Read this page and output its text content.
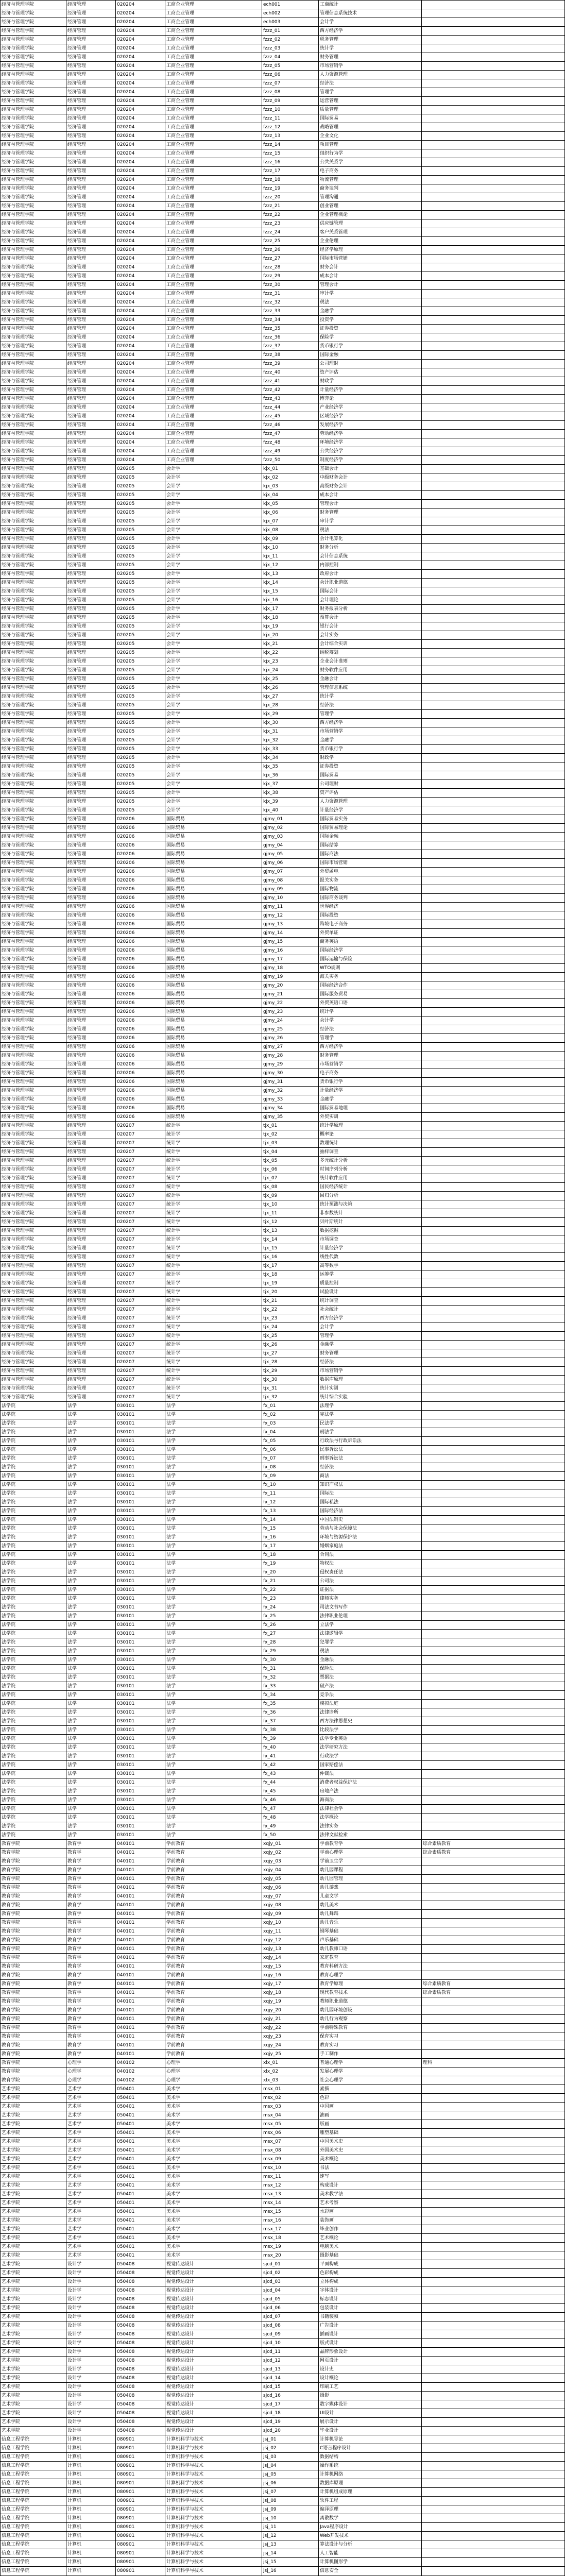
经济与管理学院	经济管理	020204	工商企业管理	ech001	工商统计	
经济与管理学院	经济管理	020204	工商企业管理	ech002	管理信息系统技术	
经济与管理学院	经济管理	020204	工商企业管理	ech003	会计学	
经济与管理学院	经济管理	020204	工商企业管理	fzzz_01	西方经济学	
经济与管理学院	经济管理	020204	工商企业管理	fzzz_02	税务管理	
经济与管理学院	经济管理	020204	工商企业管理	fzzz_03	统计学	
经济与管理学院	经济管理	020204	工商企业管理	fzzz_04	财务管理	
经济与管理学院	经济管理	020204	工商企业管理	fzzz_05	市场营销学	
经济与管理学院	经济管理	020204	工商企业管理	fzzz_06	人力资源管理	
经济与管理学院	经济管理	020204	工商企业管理	fzzz_07	经济法	
经济与管理学院	经济管理	020204	工商企业管理	fzzz_08	管理学	
经济与管理学院	经济管理	020204	工商企业管理	fzzz_09	运营管理	
经济与管理学院	经济管理	020204	工商企业管理	fzzz_10	质量管理	
经济与管理学院	经济管理	020204	工商企业管理	fzzz_11	国际贸易	
经济与管理学院	经济管理	020204	工商企业管理	fzzz_12	战略管理	
经济与管理学院	经济管理	020204	工商企业管理	fzzz_13	企业文化	
经济与管理学院	经济管理	020204	工商企业管理	fzzz_14	项目管理	
经济与管理学院	经济管理	020204	工商企业管理	fzzz_15	组织行为学	
经济与管理学院	经济管理	020204	工商企业管理	fzzz_16	公共关系学	
经济与管理学院	经济管理	020204	工商企业管理	fzzz_17	电子商务	
经济与管理学院	经济管理	020204	工商企业管理	fzzz_18	物流管理	
经济与管理学院	经济管理	020204	工商企业管理	fzzz_19	商务谈判	
经济与管理学院	经济管理	020204	工商企业管理	fzzz_20	管理沟通	
经济与管理学院	经济管理	020204	工商企业管理	fzzz_21	创业管理	
经济与管理学院	经济管理	020204	工商企业管理	fzzz_22	企业管理概论	
经济与管理学院	经济管理	020204	工商企业管理	fzzz_23	供应链管理	
经济与管理学院	经济管理	020204	工商企业管理	fzzz_24	客户关系管理	
经济与管理学院	经济管理	020204	工商企业管理	fzzz_25	企业伦理	
经济与管理学院	经济管理	020204	工商企业管理	fzzz_26	经济学原理	
经济与管理学院	经济管理	020204	工商企业管理	fzzz_27	国际市场营销	
经济与管理学院	经济管理	020204	工商企业管理	fzzz_28	财务会计	
经济与管理学院	经济管理	020204	工商企业管理	fzzz_29	成本会计	
经济与管理学院	经济管理	020204	工商企业管理	fzzz_30	管理会计	
经济与管理学院	经济管理	020204	工商企业管理	fzzz_31	审计学	
经济与管理学院	经济管理	020204	工商企业管理	fzzz_32	税法	
经济与管理学院	经济管理	020204	工商企业管理	fzzz_33	金融学	
经济与管理学院	经济管理	020204	工商企业管理	fzzz_34	投资学	
经济与管理学院	经济管理	020204	工商企业管理	fzzz_35	证券投资	
经济与管理学院	经济管理	020204	工商企业管理	fzzz_36	保险学	
经济与管理学院	经济管理	020204	工商企业管理	fzzz_37	货币银行学	
经济与管理学院	经济管理	020204	工商企业管理	fzzz_38	国际金融	
经济与管理学院	经济管理	020204	工商企业管理	fzzz_39	公司理财	
经济与管理学院	经济管理	020204	工商企业管理	fzzz_40	资产评估	
经济与管理学院	经济管理	020204	工商企业管理	fzzz_41	财政学	
经济与管理学院	经济管理	020204	工商企业管理	fzzz_42	计量经济学	
经济与管理学院	经济管理	020204	工商企业管理	fzzz_43	博弈论	
经济与管理学院	经济管理	020204	工商企业管理	fzzz_44	产业经济学	
经济与管理学院	经济管理	020204	工商企业管理	fzzz_45	区域经济学	
经济与管理学院	经济管理	020204	工商企业管理	fzzz_46	发展经济学	
经济与管理学院	经济管理	020204	工商企业管理	fzzz_47	劳动经济学	
经济与管理学院	经济管理	020204	工商企业管理	fzzz_48	环境经济学	
经济与管理学院	经济管理	020204	工商企业管理	fzzz_49	公共经济学	
经济与管理学院	经济管理	020204	工商企业管理	fzzz_50	制度经济学	
经济与管理学院	经济管理	020205	会计学	kjx_01	基础会计	
经济与管理学院	经济管理	020205	会计学	kjx_02	中级财务会计	
经济与管理学院	经济管理	020205	会计学	kjx_03	高级财务会计	
经济与管理学院	经济管理	020205	会计学	kjx_04	成本会计	
经济与管理学院	经济管理	020205	会计学	kjx_05	管理会计	
经济与管理学院	经济管理	020205	会计学	kjx_06	财务管理	
经济与管理学院	经济管理	020205	会计学	kjx_07	审计学	
经济与管理学院	经济管理	020205	会计学	kjx_08	税法	
经济与管理学院	经济管理	020205	会计学	kjx_09	会计电算化	
经济与管理学院	经济管理	020205	会计学	kjx_10	财务分析	
经济与管理学院	经济管理	020205	会计学	kjx_11	会计信息系统	
经济与管理学院	经济管理	020205	会计学	kjx_12	内部控制	
经济与管理学院	经济管理	020205	会计学	kjx_13	政府会计	
经济与管理学院	经济管理	020205	会计学	kjx_14	会计职业道德	
经济与管理学院	经济管理	020205	会计学	kjx_15	国际会计	
经济与管理学院	经济管理	020205	会计学	kjx_16	会计理论	
经济与管理学院	经济管理	020205	会计学	kjx_17	财务报表分析	
经济与管理学院	经济管理	020205	会计学	kjx_18	预算会计	
经济与管理学院	经济管理	020205	会计学	kjx_19	银行会计	
经济与管理学院	经济管理	020205	会计学	kjx_20	会计实务	
经济与管理学院	经济管理	020205	会计学	kjx_21	会计综合实训	
经济与管理学院	经济管理	020205	会计学	kjx_22	纳税筹划	
经济与管理学院	经济管理	020205	会计学	kjx_23	企业会计准则	
经济与管理学院	经济管理	020205	会计学	kjx_24	财务软件应用	
经济与管理学院	经济管理	020205	会计学	kjx_25	金融会计	
经济与管理学院	经济管理	020205	会计学	kjx_26	管理信息系统	
经济与管理学院	经济管理	020205	会计学	kjx_27	统计学	
经济与管理学院	经济管理	020205	会计学	kjx_28	经济法	
经济与管理学院	经济管理	020205	会计学	kjx_29	管理学	
经济与管理学院	经济管理	020205	会计学	kjx_30	西方经济学	
经济与管理学院	经济管理	020205	会计学	kjx_31	市场营销学	
经济与管理学院	经济管理	020205	会计学	kjx_32	金融学	
经济与管理学院	经济管理	020205	会计学	kjx_33	货币银行学	
经济与管理学院	经济管理	020205	会计学	kjx_34	财政学	
经济与管理学院	经济管理	020205	会计学	kjx_35	证券投资	
经济与管理学院	经济管理	020205	会计学	kjx_36	国际贸易	
经济与管理学院	经济管理	020205	会计学	kjx_37	公司理财	
经济与管理学院	经济管理	020205	会计学	kjx_38	资产评估	
经济与管理学院	经济管理	020205	会计学	kjx_39	人力资源管理	
经济与管理学院	经济管理	020205	会计学	kjx_40	计量经济学	
经济与管理学院	经济管理	020206	国际贸易	gjmy_01	国际贸易实务	
经济与管理学院	经济管理	020206	国际贸易	gjmy_02	国际贸易理论	
经济与管理学院	经济管理	020206	国际贸易	gjmy_03	国际金融	
经济与管理学院	经济管理	020206	国际贸易	gjmy_04	国际结算	
经济与管理学院	经济管理	020206	国际贸易	gjmy_05	国际商法	
经济与管理学院	经济管理	020206	国际贸易	gjmy_06	国际市场营销	
经济与管理学院	经济管理	020206	国际贸易	gjmy_07	外贸函电	
经济与管理学院	经济管理	020206	国际贸易	gjmy_08	报关实务	
经济与管理学院	经济管理	020206	国际贸易	gjmy_09	国际物流	
经济与管理学院	经济管理	020206	国际贸易	gjmy_10	国际商务谈判	
经济与管理学院	经济管理	020206	国际贸易	gjmy_11	世界经济	
经济与管理学院	经济管理	020206	国际贸易	gjmy_12	国际投资	
经济与管理学院	经济管理	020206	国际贸易	gjmy_13	跨境电子商务	
经济与管理学院	经济管理	020206	国际贸易	gjmy_14	外贸单证	
经济与管理学院	经济管理	020206	国际贸易	gjmy_15	商务英语	
经济与管理学院	经济管理	020206	国际贸易	gjmy_16	国际经济学	
经济与管理学院	经济管理	020206	国际贸易	gjmy_17	国际运输与保险	
经济与管理学院	经济管理	020206	国际贸易	gjmy_18	WTO规则	
经济与管理学院	经济管理	020206	国际贸易	gjmy_19	海关实务	
经济与管理学院	经济管理	020206	国际贸易	gjmy_20	国际经济合作	
经济与管理学院	经济管理	020206	国际贸易	gjmy_21	国际服务贸易	
经济与管理学院	经济管理	020206	国际贸易	gjmy_22	外贸英语口语	
经济与管理学院	经济管理	020206	国际贸易	gjmy_23	统计学	
经济与管理学院	经济管理	020206	国际贸易	gjmy_24	会计学	
经济与管理学院	经济管理	020206	国际贸易	gjmy_25	经济法	
经济与管理学院	经济管理	020206	国际贸易	gjmy_26	管理学	
经济与管理学院	经济管理	020206	国际贸易	gjmy_27	西方经济学	
经济与管理学院	经济管理	020206	国际贸易	gjmy_28	财务管理	
经济与管理学院	经济管理	020206	国际贸易	gjmy_29	市场营销学	
经济与管理学院	经济管理	020206	国际贸易	gjmy_30	电子商务	
经济与管理学院	经济管理	020206	国际贸易	gjmy_31	货币银行学	
经济与管理学院	经济管理	020206	国际贸易	gjmy_32	计量经济学	
经济与管理学院	经济管理	020206	国际贸易	gjmy_33	金融学	
经济与管理学院	经济管理	020206	国际贸易	gjmy_34	国际贸易地理	
经济与管理学院	经济管理	020206	国际贸易	gjmy_35	外贸实训	
经济与管理学院	经济管理	020207	统计学	tjx_01	统计学原理	
经济与管理学院	经济管理	020207	统计学	tjx_02	概率论	
经济与管理学院	经济管理	020207	统计学	tjx_03	数理统计	
经济与管理学院	经济管理	020207	统计学	tjx_04	抽样调查	
经济与管理学院	经济管理	020207	统计学	tjx_05	多元统计分析	
经济与管理学院	经济管理	020207	统计学	tjx_06	时间序列分析	
经济与管理学院	经济管理	020207	统计学	tjx_07	统计软件应用	
经济与管理学院	经济管理	020207	统计学	tjx_08	国民经济统计	
经济与管理学院	经济管理	020207	统计学	tjx_09	回归分析	
经济与管理学院	经济管理	020207	统计学	tjx_10	统计预测与决策	
经济与管理学院	经济管理	020207	统计学	tjx_11	非参数统计	
经济与管理学院	经济管理	020207	统计学	tjx_12	贝叶斯统计	
经济与管理学院	经济管理	020207	统计学	tjx_13	数据挖掘	
经济与管理学院	经济管理	020207	统计学	tjx_14	市场调查	
经济与管理学院	经济管理	020207	统计学	tjx_15	计量经济学	
经济与管理学院	经济管理	020207	统计学	tjx_16	线性代数	
经济与管理学院	经济管理	020207	统计学	tjx_17	高等数学	
经济与管理学院	经济管理	020207	统计学	tjx_18	运筹学	
经济与管理学院	经济管理	020207	统计学	tjx_19	质量控制	
经济与管理学院	经济管理	020207	统计学	tjx_20	试验设计	
经济与管理学院	经济管理	020207	统计学	tjx_21	统计调查	
经济与管理学院	经济管理	020207	统计学	tjx_22	社会统计	
经济与管理学院	经济管理	020207	统计学	tjx_23	西方经济学	
经济与管理学院	经济管理	020207	统计学	tjx_24	会计学	
经济与管理学院	经济管理	020207	统计学	tjx_25	管理学	
经济与管理学院	经济管理	020207	统计学	tjx_26	金融学	
经济与管理学院	经济管理	020207	统计学	tjx_27	财务管理	
经济与管理学院	经济管理	020207	统计学	tjx_28	经济法	
经济与管理学院	经济管理	020207	统计学	tjx_29	市场营销学	
经济与管理学院	经济管理	020207	统计学	tjx_30	数据库原理	
经济与管理学院	经济管理	020207	统计学	tjx_31	统计实训	
经济与管理学院	经济管理	020207	统计学	tjx_32	统计综合实验	
法学院	法学	030101	法学	fx_01	法理学	
法学院	法学	030101	法学	fx_02	宪法学	
法学院	法学	030101	法学	fx_03	民法学	
法学院	法学	030101	法学	fx_04	刑法学	
法学院	法学	030101	法学	fx_05	行政法与行政诉讼法	
法学院	法学	030101	法学	fx_06	民事诉讼法	
法学院	法学	030101	法学	fx_07	刑事诉讼法	
法学院	法学	030101	法学	fx_08	经济法	
法学院	法学	030101	法学	fx_09	商法	
法学院	法学	030101	法学	fx_10	知识产权法	
法学院	法学	030101	法学	fx_11	国际法	
法学院	法学	030101	法学	fx_12	国际私法	
法学院	法学	030101	法学	fx_13	国际经济法	
法学院	法学	030101	法学	fx_14	中国法制史	
法学院	法学	030101	法学	fx_15	劳动与社会保障法	
法学院	法学	030101	法学	fx_16	环境与资源保护法	
法学院	法学	030101	法学	fx_17	婚姻家庭法	
法学院	法学	030101	法学	fx_18	合同法	
法学院	法学	030101	法学	fx_19	物权法	
法学院	法学	030101	法学	fx_20	侵权责任法	
法学院	法学	030101	法学	fx_21	公司法	
法学院	法学	030101	法学	fx_22	证据法	
法学院	法学	030101	法学	fx_23	律师实务	
法学院	法学	030101	法学	fx_24	司法文书写作	
法学院	法学	030101	法学	fx_25	法律职业伦理	
法学院	法学	030101	法学	fx_26	立法学	
法学院	法学	030101	法学	fx_27	法律逻辑学	
法学院	法学	030101	法学	fx_28	犯罪学	
法学院	法学	030101	法学	fx_29	税法	
法学院	法学	030101	法学	fx_30	金融法	
法学院	法学	030101	法学	fx_31	保险法	
法学院	法学	030101	法学	fx_32	票据法	
法学院	法学	030101	法学	fx_33	破产法	
法学院	法学	030101	法学	fx_34	竞争法	
法学院	法学	030101	法学	fx_35	模拟法庭	
法学院	法学	030101	法学	fx_36	法律诊所	
法学院	法学	030101	法学	fx_37	西方法律思想史	
法学院	法学	030101	法学	fx_38	比较法学	
法学院	法学	030101	法学	fx_39	法学专业英语	
法学院	法学	030101	法学	fx_40	法学研究方法	
法学院	法学	030101	法学	fx_41	行政法学	
法学院	法学	030101	法学	fx_42	国家赔偿法	
法学院	法学	030101	法学	fx_43	仲裁法	
法学院	法学	030101	法学	fx_44	消费者权益保护法	
法学院	法学	030101	法学	fx_45	房地产法	
法学院	法学	030101	法学	fx_46	海商法	
法学院	法学	030101	法学	fx_47	法律社会学	
法学院	法学	030101	法学	fx_48	法学概论	
法学院	法学	030101	法学	fx_49	法律实务	
法学院	法学	030101	法学	fx_50	法律文献检索	
教育学院	教育学	040101	学前教育	xqjy_01	学前教育学	综合素质教育
教育学院	教育学	040101	学前教育	xqjy_02	学前心理学	综合素质教育
教育学院	教育学	040101	学前教育	xqjy_03	学前卫生学	
教育学院	教育学	040101	学前教育	xqjy_04	幼儿园课程	
教育学院	教育学	040101	学前教育	xqjy_05	幼儿园管理	
教育学院	教育学	040101	学前教育	xqjy_06	幼儿游戏	
教育学院	教育学	040101	学前教育	xqjy_07	儿童文学	
教育学院	教育学	040101	学前教育	xqjy_08	幼儿美术	
教育学院	教育学	040101	学前教育	xqjy_09	幼儿舞蹈	
教育学院	教育学	040101	学前教育	xqjy_10	幼儿音乐	
教育学院	教育学	040101	学前教育	xqjy_11	钢琴基础	
教育学院	教育学	040101	学前教育	xqjy_12	声乐基础	
教育学院	教育学	040101	学前教育	xqjy_13	幼儿教师口语	
教育学院	教育学	040101	学前教育	xqjy_14	家庭教育	
教育学院	教育学	040101	学前教育	xqjy_15	教育科研方法	
教育学院	教育学	040101	学前教育	xqjy_16	教育心理学	
教育学院	教育学	040101	学前教育	xqjy_17	教育学原理	综合素质教育
教育学院	教育学	040101	学前教育	xqjy_18	现代教育技术	综合素质教育
教育学院	教育学	040101	学前教育	xqjy_19	教师职业道德	
教育学院	教育学	040101	学前教育	xqjy_20	幼儿园环境创设	
教育学院	教育学	040101	学前教育	xqjy_21	幼儿行为观察	
教育学院	教育学	040101	学前教育	xqjy_22	学前特殊教育	
教育学院	教育学	040101	学前教育	xqjy_23	保育实习	
教育学院	教育学	040101	学前教育	xqjy_24	教育实习	
教育学院	教育学	040101	学前教育	xqjy_25	手工制作	
教育学院	心理学	040102	心理学	xlx_01	普通心理学	理科
教育学院	心理学	040102	心理学	xlx_02	发展心理学	
教育学院	心理学	040102	心理学	xlx_03	社会心理学	
艺术学院	艺术学	050401	美术学	msx_01	素描	
艺术学院	艺术学	050401	美术学	msx_02	色彩	
艺术学院	艺术学	050401	美术学	msx_03	中国画	
艺术学院	艺术学	050401	美术学	msx_04	油画	
艺术学院	艺术学	050401	美术学	msx_05	版画	
艺术学院	艺术学	050401	美术学	msx_06	雕塑基础	
艺术学院	艺术学	050401	美术学	msx_07	中国美术史	
艺术学院	艺术学	050401	美术学	msx_08	外国美术史	
艺术学院	艺术学	050401	美术学	msx_09	美术概论	
艺术学院	艺术学	050401	美术学	msx_10	书法	
艺术学院	艺术学	050401	美术学	msx_11	速写	
艺术学院	艺术学	050401	美术学	msx_12	构成设计	
艺术学院	艺术学	050401	美术学	msx_13	美术教学法	
艺术学院	艺术学	050401	美术学	msx_14	艺术考察	
艺术学院	艺术学	050401	美术学	msx_15	水彩画	
艺术学院	艺术学	050401	美术学	msx_16	装饰画	
艺术学院	艺术学	050401	美术学	msx_17	毕业创作	
艺术学院	艺术学	050401	美术学	msx_18	艺术概论	
艺术学院	艺术学	050401	美术学	msx_19	电脑美术	
艺术学院	艺术学	050401	美术学	msx_20	摄影基础	
艺术学院	设计学	050408	视觉传达设计	sjcd_01	平面构成	
艺术学院	设计学	050408	视觉传达设计	sjcd_02	色彩构成	
艺术学院	设计学	050408	视觉传达设计	sjcd_03	立体构成	
艺术学院	设计学	050408	视觉传达设计	sjcd_04	字体设计	
艺术学院	设计学	050408	视觉传达设计	sjcd_05	标志设计	
艺术学院	设计学	050408	视觉传达设计	sjcd_06	包装设计	
艺术学院	设计学	050408	视觉传达设计	sjcd_07	书籍装帧	
艺术学院	设计学	050408	视觉传达设计	sjcd_08	广告设计	
艺术学院	设计学	050408	视觉传达设计	sjcd_09	插画设计	
艺术学院	设计学	050408	视觉传达设计	sjcd_10	版式设计	
艺术学院	设计学	050408	视觉传达设计	sjcd_11	品牌形象设计	
艺术学院	设计学	050408	视觉传达设计	sjcd_12	网页设计	
艺术学院	设计学	050408	视觉传达设计	sjcd_13	设计史	
艺术学院	设计学	050408	视觉传达设计	sjcd_14	设计概论	
艺术学院	设计学	050408	视觉传达设计	sjcd_15	印刷工艺	
艺术学院	设计学	050408	视觉传达设计	sjcd_16	摄影	
艺术学院	设计学	050408	视觉传达设计	sjcd_17	数字媒体设计	
艺术学院	设计学	050408	视觉传达设计	sjcd_18	UI设计	
艺术学院	设计学	050408	视觉传达设计	sjcd_19	展示设计	
艺术学院	设计学	050408	视觉传达设计	sjcd_20	毕业设计	
信息工程学院	计算机	080901	计算机科学与技术	jsj_01	计算机导论	
信息工程学院	计算机	080901	计算机科学与技术	jsj_02	C语言程序设计	
信息工程学院	计算机	080901	计算机科学与技术	jsj_03	数据结构	
信息工程学院	计算机	080901	计算机科学与技术	jsj_04	操作系统	
信息工程学院	计算机	080901	计算机科学与技术	jsj_05	计算机网络	
信息工程学院	计算机	080901	计算机科学与技术	jsj_06	数据库原理	
信息工程学院	计算机	080901	计算机科学与技术	jsj_07	计算机组成原理	
信息工程学院	计算机	080901	计算机科学与技术	jsj_08	软件工程	
信息工程学院	计算机	080901	计算机科学与技术	jsj_09	编译原理	
信息工程学院	计算机	080901	计算机科学与技术	jsj_10	离散数学	
信息工程学院	计算机	080901	计算机科学与技术	jsj_11	Java程序设计	
信息工程学院	计算机	080901	计算机科学与技术	jsj_12	Web开发技术	
信息工程学院	计算机	080901	计算机科学与技术	jsj_13	算法设计与分析	
信息工程学院	计算机	080901	计算机科学与技术	jsj_14	人工智能	
信息工程学院	计算机	080901	计算机科学与技术	jsj_15	计算机图形学	
信息工程学院	计算机	080901	计算机科学与技术	jsj_16	信息安全	
